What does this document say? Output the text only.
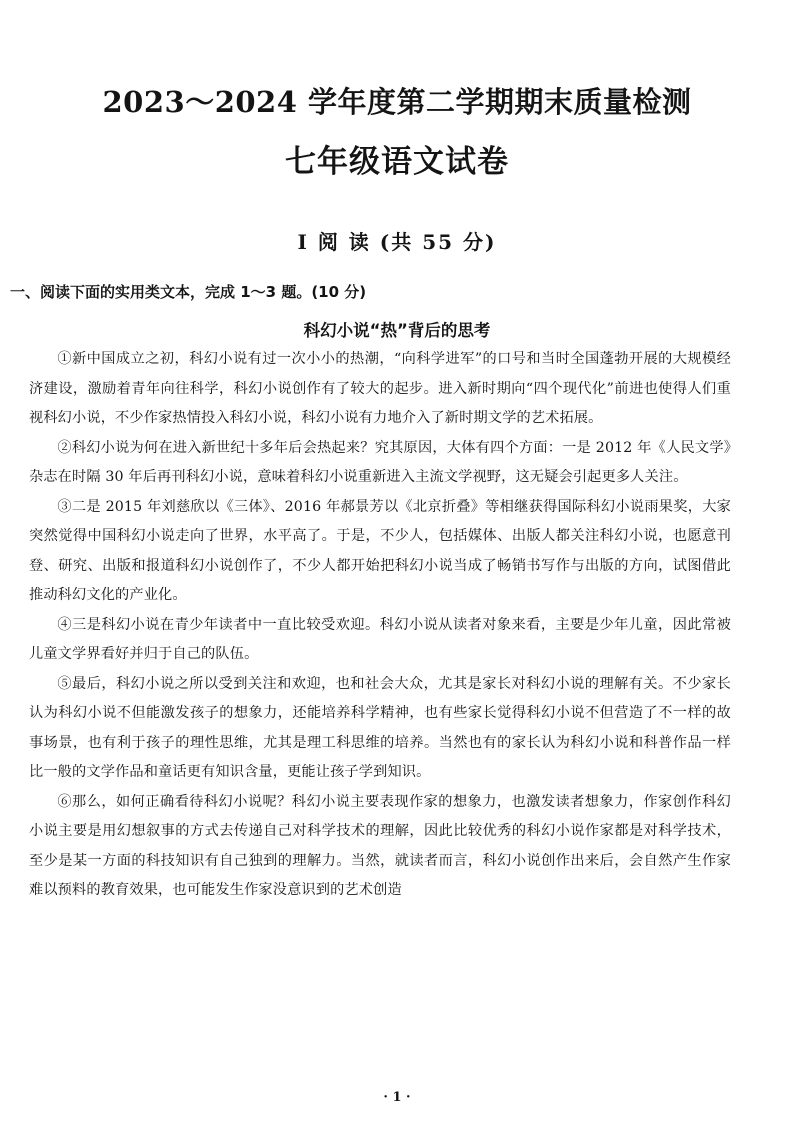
2023～2024 学年度第二学期期末质量检测
七年级语文试卷
Ⅰ 阅 读 (共 55 分)
一、阅读下面的实用类文本，完成 1～3 题。(10 分)
科幻小说“热”背后的思考

①新中国成立之初，科幻小说有过一次小小的热潮，“向科学进军”的口号和当时全国蓬勃开展的大规模经济建设，激励着青年向往科学，科幻小说创作有了较大的起步。进入新时期向“四个现代化”前进也使得人们重视科幻小说，不少作家热情投入科幻小说，科幻小说有力地介入了新时期文学的艺术拓展。

②科幻小说为何在进入新世纪十多年后会热起来？究其原因，大体有四个方面：一是 2012 年《人民文学》杂志在时隔 30 年后再刊科幻小说，意味着科幻小说重新进入主流文学视野，这无疑会引起更多人关注。

③二是 2015 年刘慈欣以《三体》、2016 年郝景芳以《北京折叠》等相继获得国际科幻小说雨果奖，大家突然觉得中国科幻小说走向了世界，水平高了。于是，不少人，包括媒体、出版人都关注科幻小说，也愿意刊登、研究、出版和报道科幻小说创作了，不少人都开始把科幻小说当成了畅销书写作与出版的方向，试图借此推动科幻文化的产业化。

④三是科幻小说在青少年读者中一直比较受欢迎。科幻小说从读者对象来看，主要是少年儿童，因此常被儿童文学界看好并归于自己的队伍。

⑤最后，科幻小说之所以受到关注和欢迎，也和社会大众，尤其是家长对科幻小说的理解有关。不少家长认为科幻小说不但能激发孩子的想象力，还能培养科学精神，也有些家长觉得科幻小说不但营造了不一样的故事场景，也有利于孩子的理性思维，尤其是理工科思维的培养。当然也有的家长认为科幻小说和科普作品一样比一般的文学作品和童话更有知识含量，更能让孩子学到知识。

⑥那么，如何正确看待科幻小说呢？科幻小说主要表现作家的想象力，也激发读者想象力，作家创作科幻小说主要是用幻想叙事的方式去传递自己对科学技术的理解，因此比较优秀的科幻小说作家都是对科学技术，至少是某一方面的科技知识有自己独到的理解力。当然，就读者而言，科幻小说创作出来后，会自然产生作家难以预料的教育效果，也可能发生作家没意识到的艺术创造

· 1 ·
